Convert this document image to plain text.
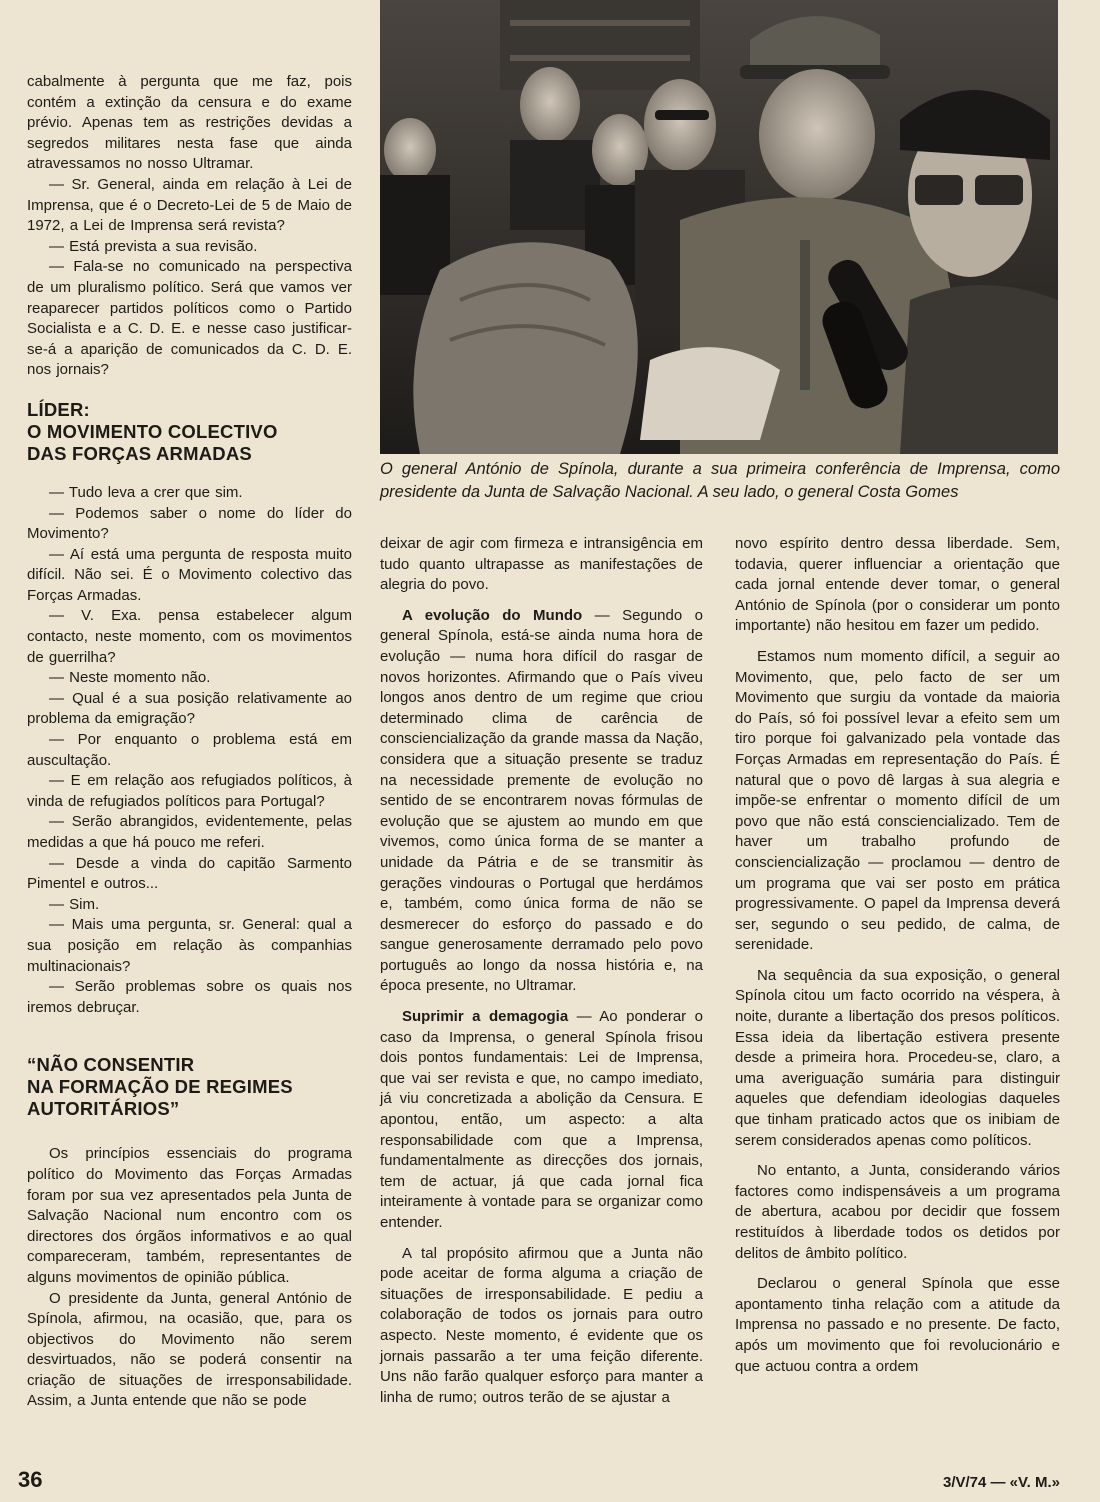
cabalmente à pergunta que me faz, pois contém a extinção da censura e do exame prévio. Apenas tem as restrições devidas a segredos militares nesta fase que ainda atravessamos no nosso Ultramar.

— Sr. General, ainda em relação à Lei de Imprensa, que é o Decreto-Lei de 5 de Maio de 1972, a Lei de Imprensa será revista?

— Está prevista a sua revisão.

— Fala-se no comunicado na perspectiva de um pluralismo político. Será que vamos ver reaparecer partidos políticos como o Partido Socialista e a C. D. E. e nesse caso justificar-se-á a aparição de comunicados da C. D. E. nos jornais?

LÍDER:
O MOVIMENTO COLECTIVO
DAS FORÇAS ARMADAS

— Tudo leva a crer que sim.

— Podemos saber o nome do líder do Movimento?

— Aí está uma pergunta de resposta muito difícil. Não sei. É o Movimento colectivo das Forças Armadas.

— V. Exa. pensa estabelecer algum contacto, neste momento, com os movimentos de guerrilha?

— Neste momento não.

— Qual é a sua posição relativamente ao problema da emigração?

— Por enquanto o problema está em auscultação.

— E em relação aos refugiados políticos, à vinda de refugiados políticos para Portugal?

— Serão abrangidos, evidentemente, pelas medidas a que há pouco me referi.

— Desde a vinda do capitão Sarmento Pimentel e outros...

— Sim.

— Mais uma pergunta, sr. General: qual a sua posição em relação às companhias multinacionais?

— Serão problemas sobre os quais nos iremos debruçar.

“NÃO CONSENTIR
NA FORMAÇÃO DE REGIMES
AUTORITÁRIOS”

Os princípios essenciais do programa político do Movimento das Forças Armadas foram por sua vez apresentados pela Junta de Salvação Nacional num encontro com os directores dos órgãos informativos e ao qual compareceram, também, representantes de alguns movimentos de opinião pública.

O presidente da Junta, general António de Spínola, afirmou, na ocasião, que, para os objectivos do Movimento não serem desvirtuados, não se poderá consentir na criação de situações de irresponsabilidade. Assim, a Junta entende que não se pode

O general António de Spínola, durante a sua primeira conferência de Imprensa, como presidente da Junta de Salvação Nacional. A seu lado, o general Costa Gomes

deixar de agir com firmeza e intransigência em tudo quanto ultrapasse as manifestações de alegria do povo.

A evolução do Mundo — Segundo o general Spínola, está-se ainda numa hora de evolução — numa hora difícil do rasgar de novos horizontes. Afirmando que o País viveu longos anos dentro de um regime que criou determinado clima de carência de consciencialização da grande massa da Nação, considera que a situação presente se traduz na necessidade premente de evolução no sentido de se encontrarem novas fórmulas de evolução que se ajustem ao mundo em que vivemos, como única forma de se manter a unidade da Pátria e de se transmitir às gerações vindouras o Portugal que herdámos e, também, como única forma de não se desmerecer do esforço do passado e do sangue generosamente derramado pelo povo português ao longo da nossa história e, na época presente, no Ultramar.

Suprimir a demagogia — Ao ponderar o caso da Imprensa, o general Spínola frisou dois pontos fundamentais: Lei de Imprensa, que vai ser revista e que, no campo imediato, já viu concretizada a abolição da Censura. E apontou, então, um aspecto: a alta responsabilidade com que a Imprensa, fundamentalmente as direcções dos jornais, tem de actuar, já que cada jornal fica inteiramente à vontade para se organizar como entender.

A tal propósito afirmou que a Junta não pode aceitar de forma alguma a criação de situações de irresponsabilidade. E pediu a colaboração de todos os jornais para outro aspecto. Neste momento, é evidente que os jornais passarão a ter uma feição diferente. Uns não farão qualquer esforço para manter a linha de rumo; outros terão de se ajustar a

novo espírito dentro dessa liberdade. Sem, todavia, querer influenciar a orientação que cada jornal entende dever tomar, o general António de Spínola (por o considerar um ponto importante) não hesitou em fazer um pedido.

Estamos num momento difícil, a seguir ao Movimento, que, pelo facto de ser um Movimento que surgiu da vontade da maioria do País, só foi possível levar a efeito sem um tiro porque foi galvanizado pela vontade das Forças Armadas em representação do País. É natural que o povo dê largas à sua alegria e impõe-se enfrentar o momento difícil de um povo que não está consciencializado. Tem de haver um trabalho profundo de consciencialização — proclamou — dentro de um programa que vai ser posto em prática progressivamente. O papel da Imprensa deverá ser, segundo o seu pedido, de calma, de serenidade.

Na sequência da sua exposição, o general Spínola citou um facto ocorrido na véspera, à noite, durante a libertação dos presos políticos. Essa ideia da libertação estivera presente desde a primeira hora. Procedeu-se, claro, a uma averiguação sumária para distinguir aqueles que defendiam ideologias daqueles que tinham praticado actos que os inibiam de serem considerados apenas como políticos.

No entanto, a Junta, considerando vários factores como indispensáveis a um programa de abertura, acabou por decidir que fossem restituídos à liberdade todos os detidos por delitos de âmbito político.

Declarou o general Spínola que esse apontamento tinha relação com a atitude da Imprensa no passado e no presente. De facto, após um movimento que foi revolucionário e que actuou contra a ordem

36	3/V/74 — «V. M.»
